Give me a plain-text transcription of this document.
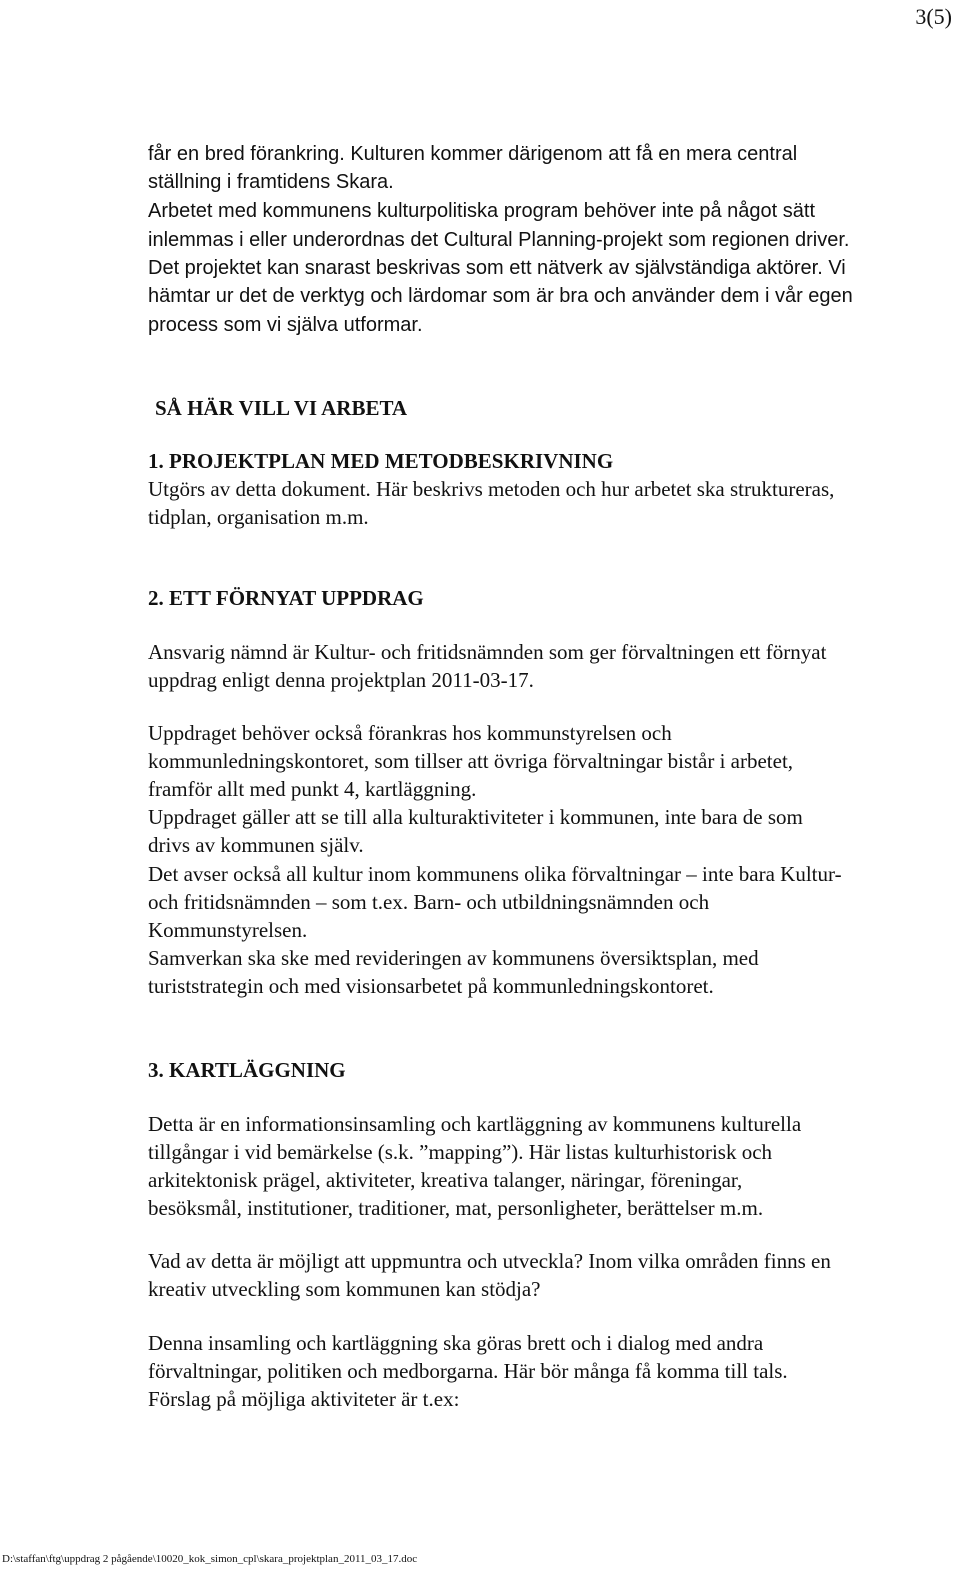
3(5)
får en bred förankring. Kulturen kommer därigenom att få en mera central
ställning i framtidens Skara.
Arbetet med kommunens kulturpolitiska program behöver inte på något sätt
inlemmas i eller underordnas det Cultural Planning-projekt som regionen driver.
Det projektet kan snarast beskrivas som ett nätverk av självständiga aktörer. Vi
hämtar ur det de verktyg och lärdomar som är bra och använder dem i vår egen
process som vi själva utformar.
SÅ HÄR VILL VI ARBETA
1. PROJEKTPLAN MED METODBESKRIVNING
Utgörs av detta dokument. Här beskrivs metoden och hur arbetet ska struktureras,
tidplan, organisation m.m.
2. ETT FÖRNYAT UPPDRAG
Ansvarig nämnd är Kultur- och fritidsnämnden som ger förvaltningen ett förnyat
uppdrag enligt denna projektplan 2011-03-17.
Uppdraget behöver också förankras hos kommunstyrelsen och
kommunledningskontoret, som tillser att övriga förvaltningar bistår i arbetet,
framför allt med punkt 4, kartläggning.
Uppdraget gäller att se till alla kulturaktiviteter i kommunen, inte bara de som
drivs av kommunen själv.
Det avser också all kultur inom kommunens olika förvaltningar – inte bara Kultur-
och fritidsnämnden – som t.ex. Barn- och utbildningsnämnden och
Kommunstyrelsen.
Samverkan ska ske med revideringen av kommunens översiktsplan, med
turiststrategin och med visionsarbetet på kommunledningskontoret.
3. KARTLÄGGNING
Detta är en informationsinsamling och kartläggning av kommunens kulturella
tillgångar i vid bemärkelse (s.k. ”mapping”). Här listas kulturhistorisk och
arkitektonisk prägel, aktiviteter, kreativa talanger, näringar, föreningar,
besöksmål, institutioner, traditioner, mat, personligheter, berättelser m.m.
Vad av detta är möjligt att uppmuntra och utveckla? Inom vilka områden finns en
kreativ utveckling som kommunen kan stödja?
Denna insamling och kartläggning ska göras brett och i dialog med andra
förvaltningar, politiken och medborgarna. Här bör många få komma till tals.
Förslag på möjliga aktiviteter är t.ex:
D:\staffan\ftg\uppdrag 2 pågående\10020_kok_simon_cpl\skara_projektplan_2011_03_17.doc
